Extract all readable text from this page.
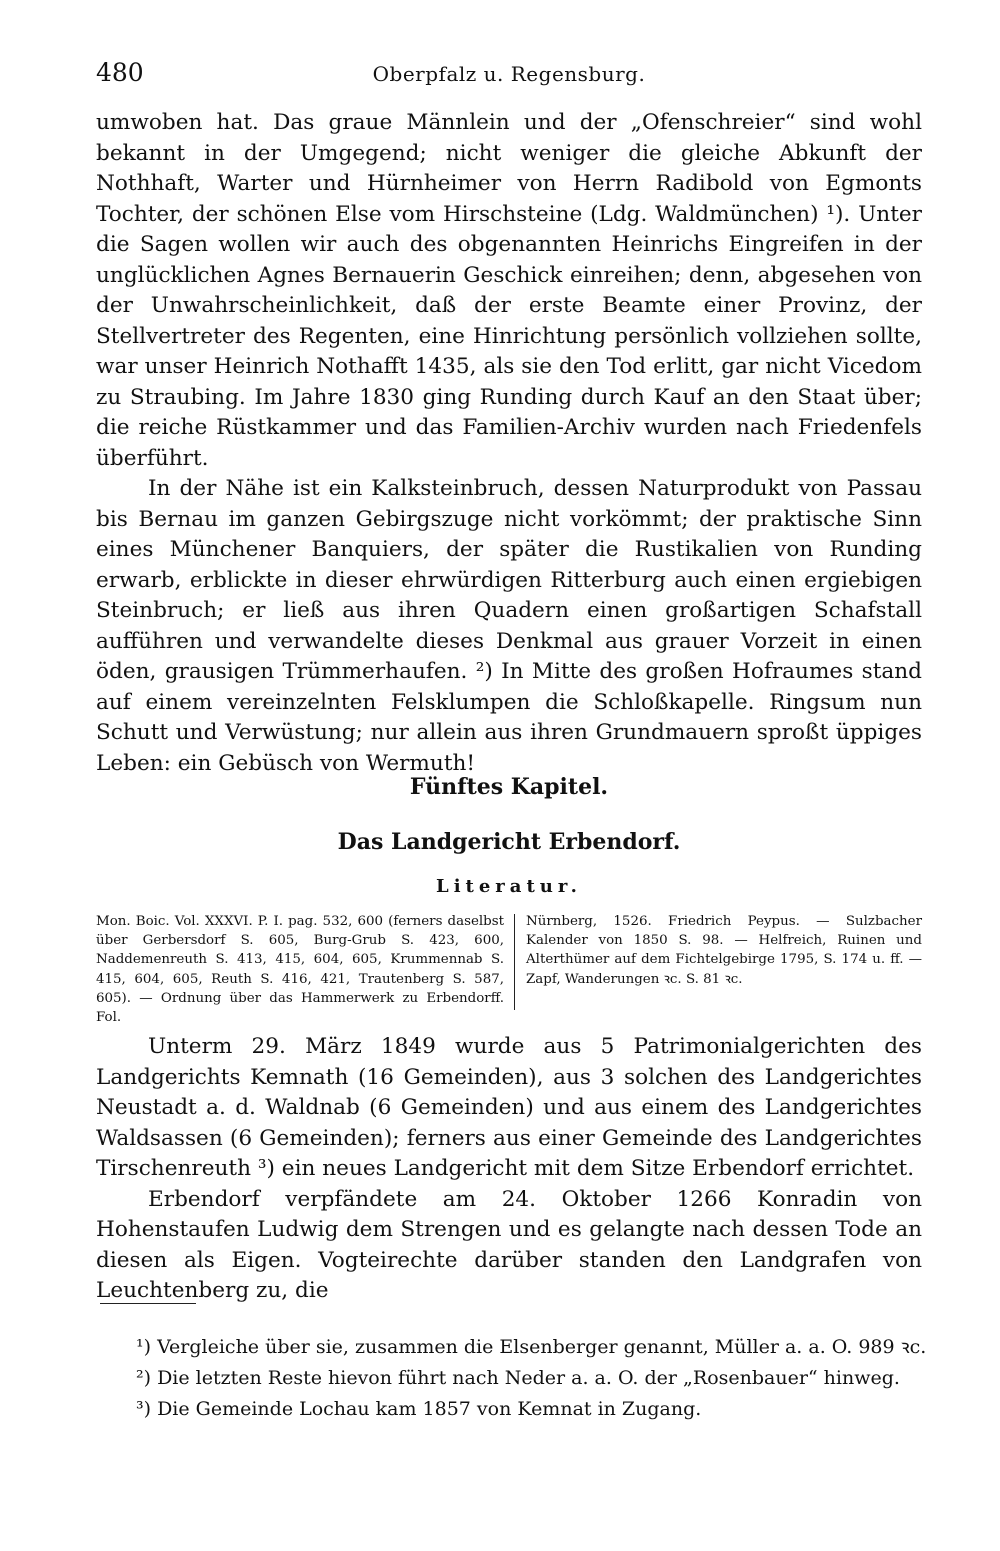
480	Oberpfalz u. Regensburg.

umwoben hat. Das graue Männlein und der „Ofenschreier“ sind wohl bekannt in der Umgegend; nicht weniger die gleiche Abkunft der Nothhaft, Warter und Hürnheimer von Herrn Radibold von Egmonts Tochter, der schönen Else vom Hirschsteine (Ldg. Waldmünchen) ¹). Unter die Sagen wollen wir auch des obgenannten Heinrichs Eingreifen in der unglücklichen Agnes Bernauerin Geschick einreihen; denn, abgesehen von der Unwahrscheinlichkeit, daß der erste Beamte einer Provinz, der Stellvertreter des Regenten, eine Hinrichtung persönlich vollziehen sollte, war unser Heinrich Nothafft 1435, als sie den Tod erlitt, gar nicht Vicedom zu Straubing. Im Jahre 1830 ging Runding durch Kauf an den Staat über; die reiche Rüstkammer und das Familien-Archiv wurden nach Friedenfels überführt.

In der Nähe ist ein Kalksteinbruch, dessen Naturprodukt von Passau bis Bernau im ganzen Gebirgszuge nicht vorkömmt; der praktische Sinn eines Münchener Banquiers, der später die Rustikalien von Runding erwarb, erblickte in dieser ehrwürdigen Ritterburg auch einen ergiebigen Steinbruch; er ließ aus ihren Quadern einen großartigen Schafstall aufführen und verwandelte dieses Denkmal aus grauer Vorzeit in einen öden, grausigen Trümmerhaufen. ²) In Mitte des großen Hofraumes stand auf einem vereinzelnten Felsklumpen die Schloßkapelle. Ringsum nun Schutt und Verwüstung; nur allein aus ihren Grundmauern sproßt üppiges Leben: ein Gebüsch von Wermuth!

Fünftes Kapitel.
Das Landgericht Erbendorf.
Literatur.
Mon. Boic. Vol. XXXVI. P. I. pag. 532, 600 (ferners daselbst über Gerbersdorf S. 605, Burg-Grub S. 423, 600, Naddemenreuth S. 413, 415, 604, 605, Krummennab S. 415, 604, 605, Reuth S. 416, 421, Trautenberg S. 587, 605). — Ordnung über das Hammerwerk zu Erbendorff. Fol.
Nürnberg, 1526. Friedrich Peypus. — Sulzbacher Kalender von 1850 S. 98. — Helfreich, Ruinen und Alterthümer auf dem Fichtelgebirge 1795, S. 174 u. ff. — Zapf, Wanderungen ꝛc. S. 81 ꝛc.

Unterm 29. März 1849 wurde aus 5 Patrimonialgerichten des Landgerichts Kemnath (16 Gemeinden), aus 3 solchen des Landgerichtes Neustadt a. d. Waldnab (6 Gemeinden) und aus einem des Landgerichtes Waldsassen (6 Gemeinden); ferners aus einer Gemeinde des Landgerichtes Tirschenreuth ³) ein neues Landgericht mit dem Sitze Erbendorf errichtet.

Erbendorf verpfändete am 24. Oktober 1266 Konradin von Hohenstaufen Ludwig dem Strengen und es gelangte nach dessen Tode an diesen als Eigen. Vogteirechte darüber standen den Landgrafen von Leuchtenberg zu, die

¹) Vergleiche über sie, zusammen die Elsenberger genannt, Müller a. a. O. 989 ꝛc.
²) Die letzten Reste hievon führt nach Neder a. a. O. der „Rosenbauer“ hinweg.
³) Die Gemeinde Lochau kam 1857 von Kemnat in Zugang.
